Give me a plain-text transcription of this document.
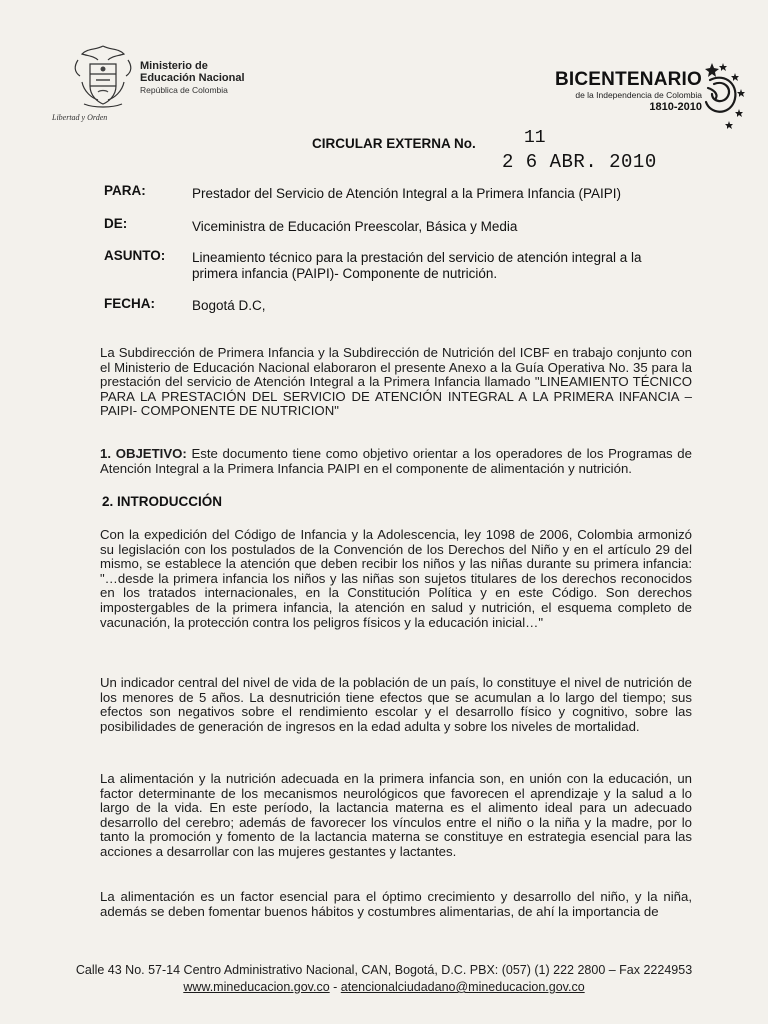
Libertad y Orden
Ministerio de
Educación Nacional
República de Colombia	BICENTENARIO
de la Independencia de Colombia
1810-2010
CIRCULAR EXTERNA No.	11
2 6 ABR. 2010
PARA:	Prestador del Servicio de Atención Integral a la Primera Infancia (PAIPI)
DE:	Viceministra de Educación Preescolar, Básica y Media
ASUNTO: Lineamiento técnico para la prestación del servicio de atención integral a la primera infancia (PAIPI)- Componente de nutrición.
FECHA:	Bogotá D.C,
La Subdirección de Primera Infancia y la Subdirección de Nutrición del ICBF en trabajo conjunto con el Ministerio de Educación Nacional elaboraron el presente Anexo a la Guía Operativa No. 35 para la prestación del servicio de Atención Integral a la Primera Infancia llamado "LINEAMIENTO TÉCNICO PARA LA PRESTACIÓN DEL SERVICIO DE ATENCIÓN INTEGRAL A LA PRIMERA INFANCIA – PAIPI- COMPONENTE DE NUTRICION"
1. OBJETIVO: Este documento tiene como objetivo orientar a los operadores de los Programas de Atención Integral a la Primera Infancia PAIPI en el componente de alimentación y nutrición.
2. INTRODUCCIÓN
Con la expedición del Código de Infancia y la Adolescencia, ley 1098 de 2006, Colombia armonizó su legislación con los postulados de la Convención de los Derechos del Niño y en el artículo 29 del mismo, se establece la atención que deben recibir los niños y las niñas durante su primera infancia: "…desde la primera infancia los niños y las niñas son sujetos titulares de los derechos reconocidos en los tratados internacionales, en la Constitución Política y en este Código. Son derechos impostergables de la primera infancia, la atención en salud y nutrición, el esquema completo de vacunación, la protección contra los peligros físicos y la educación inicial…"
Un indicador central del nivel de vida de la población de un país, lo constituye el nivel de nutrición de los menores de 5 años. La desnutrición tiene efectos que se acumulan a lo largo del tiempo; sus efectos son negativos sobre el rendimiento escolar y el desarrollo físico y cognitivo, sobre las posibilidades de generación de ingresos en la edad adulta y sobre los niveles de mortalidad.
La alimentación y la nutrición adecuada en la primera infancia son, en unión con la educación, un factor determinante de los mecanismos neurológicos que favorecen el aprendizaje y la salud a lo largo de la vida. En este período, la lactancia materna es el alimento ideal para un adecuado desarrollo del cerebro; además de favorecer los vínculos entre el niño o la niña y la madre, por lo tanto la promoción y fomento de la lactancia materna se constituye en estrategia esencial para las acciones a desarrollar con las mujeres gestantes y lactantes.
La alimentación es un factor esencial para el óptimo crecimiento y desarrollo del niño, y la niña, además se deben fomentar buenos hábitos y costumbres alimentarias, de ahí la importancia de
Calle 43 No. 57-14 Centro Administrativo Nacional, CAN, Bogotá, D.C. PBX: (057) (1) 222 2800 – Fax 2224953
www.mineducacion.gov.co - atencionalciudadano@mineducacion.gov.co
